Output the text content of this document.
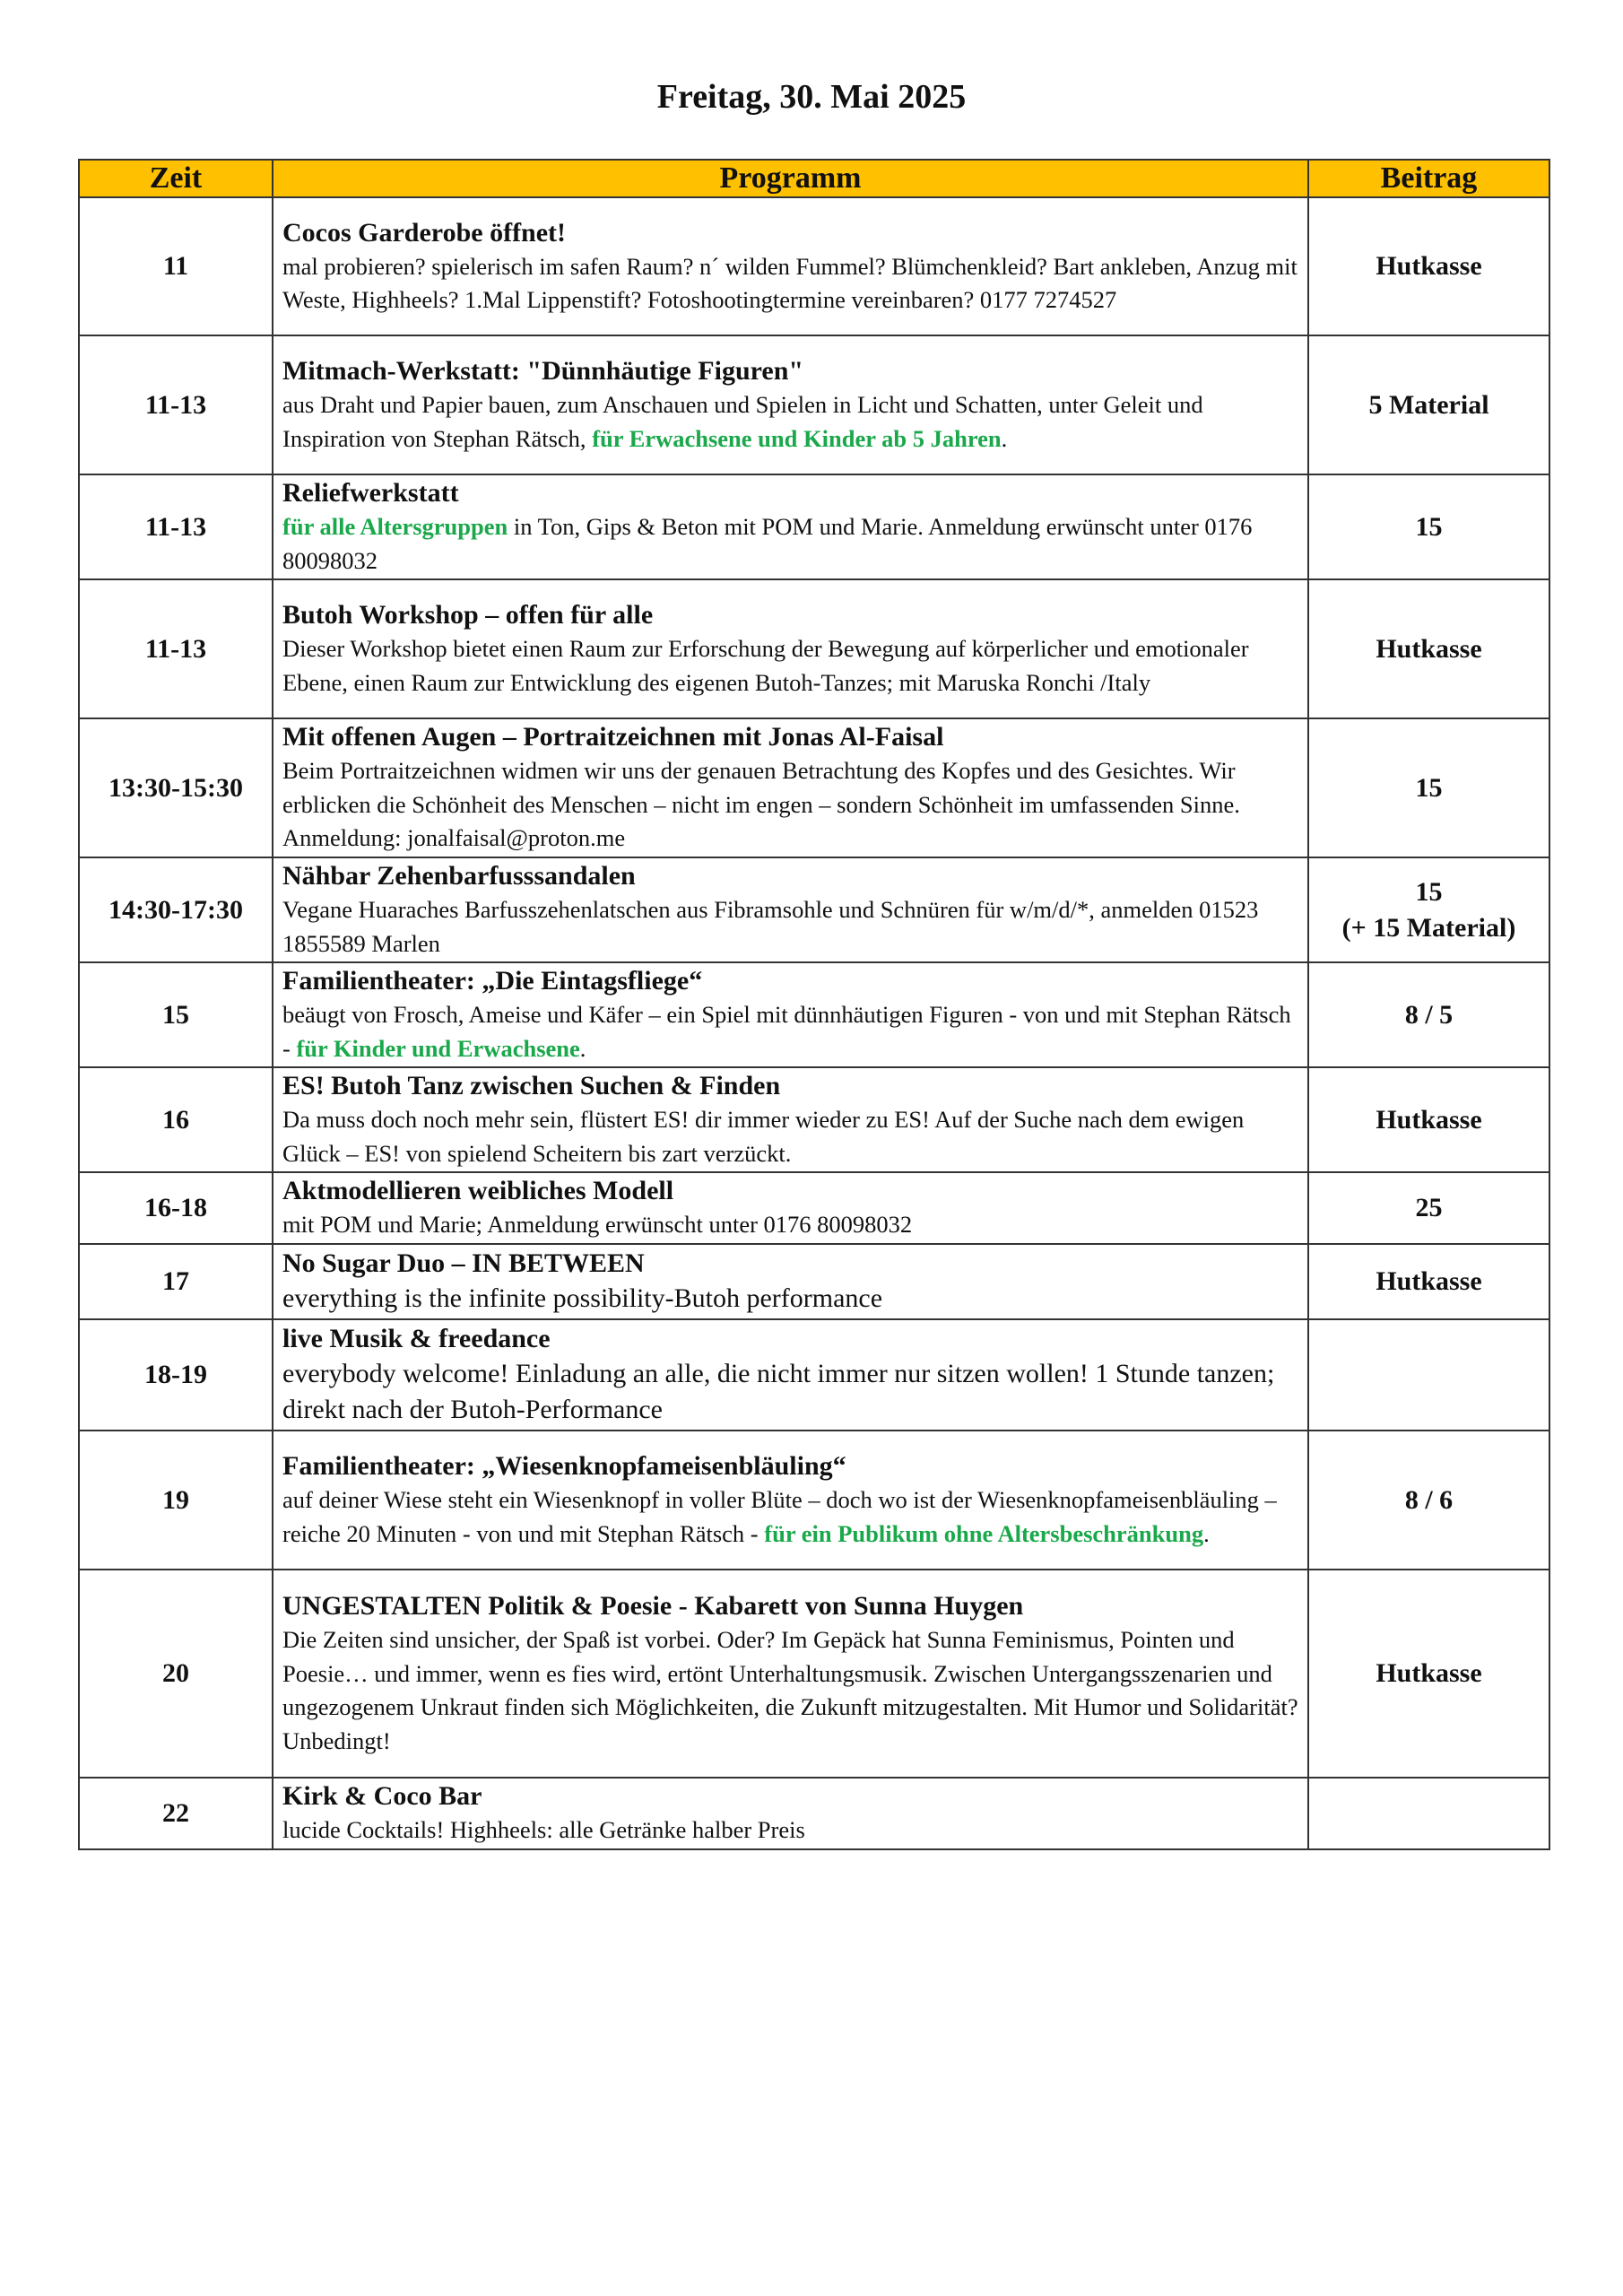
Freitag, 30. Mai 2025
Zeit	Programm	Beitrag
11	Cocos Garderobe öffnet!
mal probieren? spielerisch im safen Raum? n´ wilden Fummel? Blümchenkleid? Bart ankleben, Anzug mit Weste, Highheels? 1.Mal Lippenstift? Fotoshootingtermine vereinbaren? 0177 7274527	Hutkasse
11-13	Mitmach-Werkstatt: "Dünnhäutige Figuren"
aus Draht und Papier bauen, zum Anschauen und Spielen in Licht und Schatten, unter Geleit und Inspiration von Stephan Rätsch, für Erwachsene und Kinder ab 5 Jahren.	5 Material
11-13	Reliefwerkstatt
für alle Altersgruppen in Ton, Gips & Beton mit POM und Marie. Anmeldung erwünscht unter 0176 80098032	15
11-13	Butoh Workshop – offen für alle
Dieser Workshop bietet einen Raum zur Erforschung der Bewegung auf körperlicher und emotionaler Ebene, einen Raum zur Entwicklung des eigenen Butoh-Tanzes; mit Maruska Ronchi /Italy	Hutkasse
13:30-15:30	Mit offenen Augen – Portraitzeichnen mit Jonas Al-Faisal
Beim Portraitzeichnen widmen wir uns der genauen Betrachtung des Kopfes und des Gesichtes. Wir erblicken die Schönheit des Menschen – nicht im engen – sondern Schönheit im umfassenden Sinne. Anmeldung: jonalfaisal@proton.me	15
14:30-17:30	Nähbar Zehenbarfusssandalen
Vegane Huaraches Barfusszehenlatschen aus Fibramsohle und Schnüren für w/m/d/*, anmelden 01523 1855589 Marlen	15
(+ 15 Material)

15	Familientheater: „Die Eintagsfliege“
beäugt von Frosch, Ameise und Käfer – ein Spiel mit dünnhäutigen Figuren - von und mit Stephan Rätsch - für Kinder und Erwachsene.	8 / 5
16	ES! Butoh Tanz zwischen Suchen & Finden
Da muss doch noch mehr sein, flüstert ES! dir immer wieder zu ES! Auf der Suche nach dem ewigen Glück – ES! von spielend Scheitern bis zart verzückt.	Hutkasse
16-18	Aktmodellieren weibliches Modell
mit POM und Marie; Anmeldung erwünscht unter 0176 80098032	25
17	No Sugar Duo – IN BETWEEN
everything is the infinite possibility-Butoh performance	Hutkasse
18-19	live Musik & freedance
everybody welcome! Einladung an alle, die nicht immer nur sitzen wollen! 1 Stunde tanzen; direkt nach der Butoh-Performance	

19	Familientheater: „Wiesenknopfameisenbläuling“
auf deiner Wiese steht ein Wiesenknopf in voller Blüte – doch wo ist der Wiesenknopfameisenbläuling – reiche 20 Minuten - von und mit Stephan Rätsch - für ein Publikum ohne Altersbeschränkung.	8 / 6
20	UNGESTALTEN Politik & Poesie - Kabarett von Sunna Huygen
Die Zeiten sind unsicher, der Spaß ist vorbei. Oder? Im Gepäck hat Sunna Feminismus, Pointen und Poesie… und immer, wenn es fies wird, ertönt Unterhaltungsmusik. Zwischen Untergangsszenarien und ungezogenem Unkraut finden sich Möglichkeiten, die Zukunft mitzugestalten. Mit Humor und Solidarität? Unbedingt!	Hutkasse
22	Kirk & Coco Bar
lucide Cocktails! Highheels: alle Getränke halber Preis	
